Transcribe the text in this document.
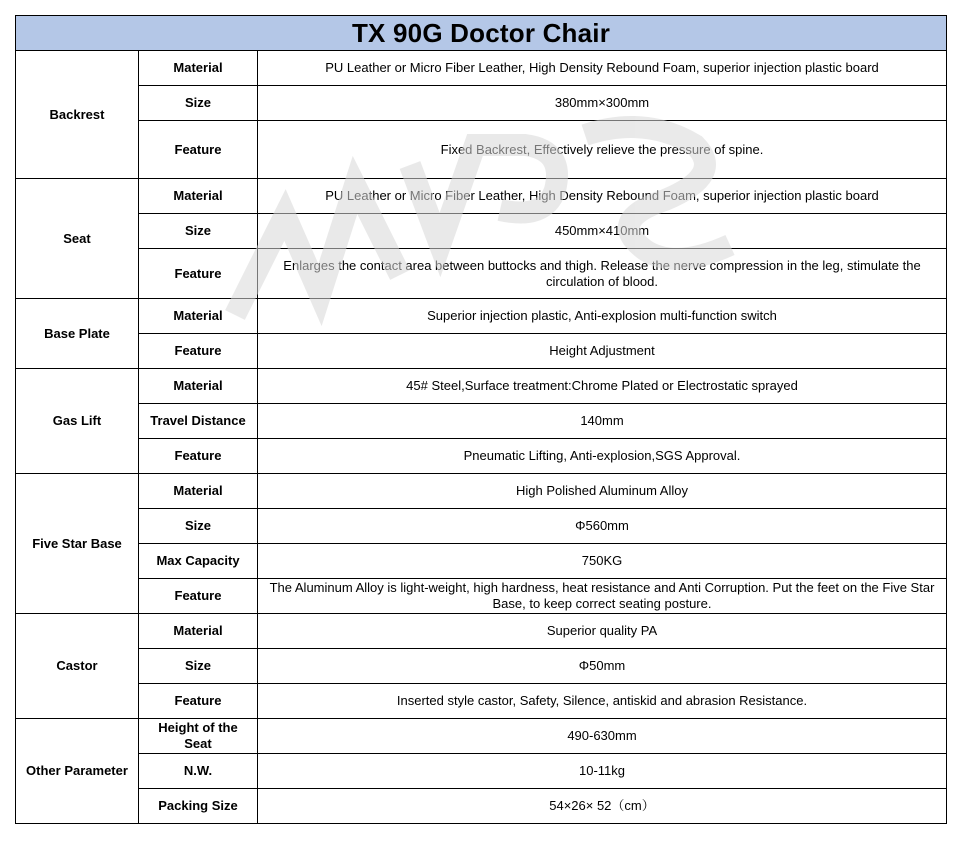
TX 90G Doctor Chair		
Backrest	Material	PU Leather or Micro Fiber Leather, High Density Rebound Foam, superior injection plastic board
	Size	380mm×300mm
	Feature	Fixed Backrest, Effectively relieve the pressure of spine.
Seat	Material	PU Leather or Micro Fiber Leather, High Density Rebound Foam, superior injection plastic board
	Size	450mm×410mm
	Feature	Enlarges the contact area between buttocks and thigh. Release the nerve compression in the leg, stimulate the circulation of blood.
Base Plate	Material	Superior injection plastic, Anti-explosion multi-function switch
	Feature	Height Adjustment
Gas Lift	Material	45# Steel,Surface treatment:Chrome Plated or Electrostatic sprayed
	Travel Distance	140mm
	Feature	Pneumatic Lifting, Anti-explosion,SGS Approval.
Five Star Base	Material	High Polished Aluminum Alloy
	Size	Φ560mm
	Max Capacity	750KG
	Feature	The Aluminum Alloy is light-weight, high hardness, heat resistance and Anti Corruption. Put the feet on the Five Star Base, to keep correct seating posture.
Castor	Material	Superior quality PA
	Size	Φ50mm
	Feature	Inserted style castor, Safety, Silence, antiskid and abrasion Resistance.
Other Parameter	Height of the Seat	490-630mm
	N.W.	10-11kg
	Packing Size	54×26× 52（cm）
